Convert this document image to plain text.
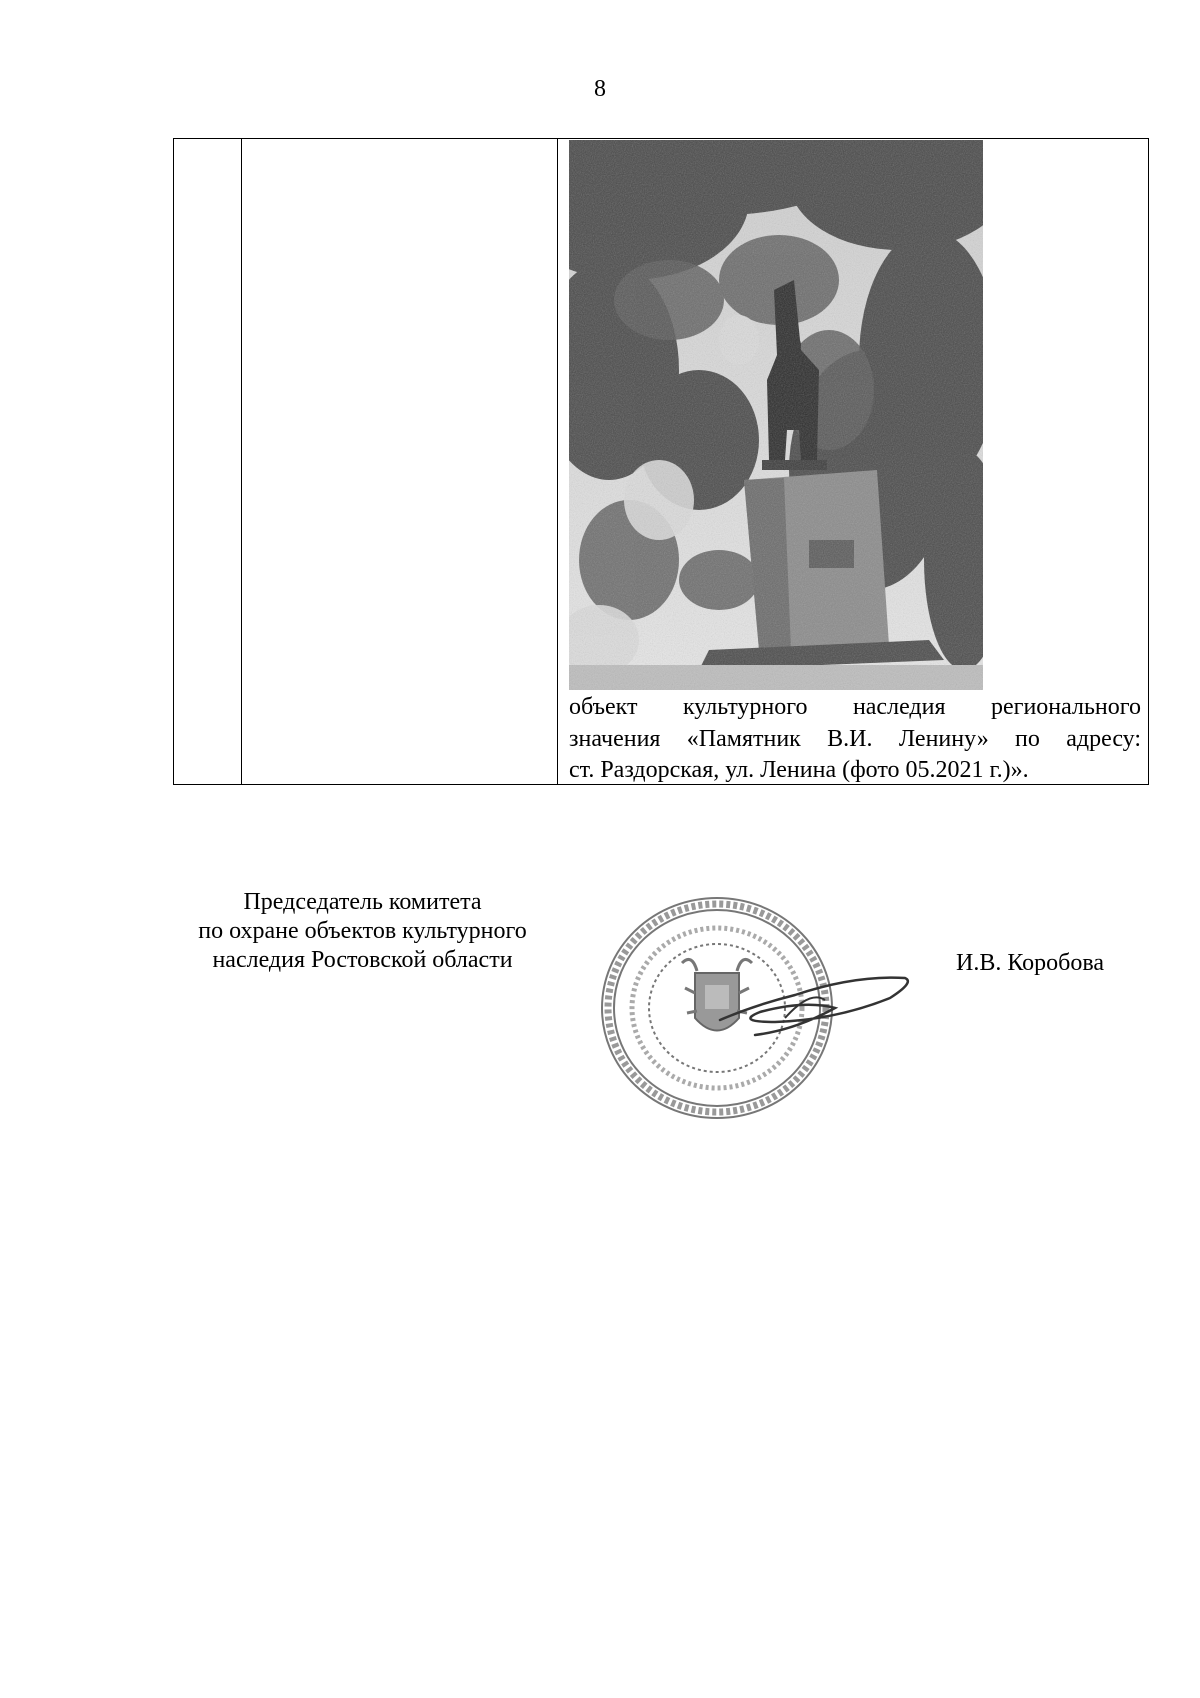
8
объект культурного наследия регионального
значения «Памятник В.И. Ленину» по адресу:
ст. Раздорская, ул. Ленина (фото 05.2021 г.)».
Председатель комитета
по охране объектов культурного
наследия Ростовской области	И.В. Коробова
